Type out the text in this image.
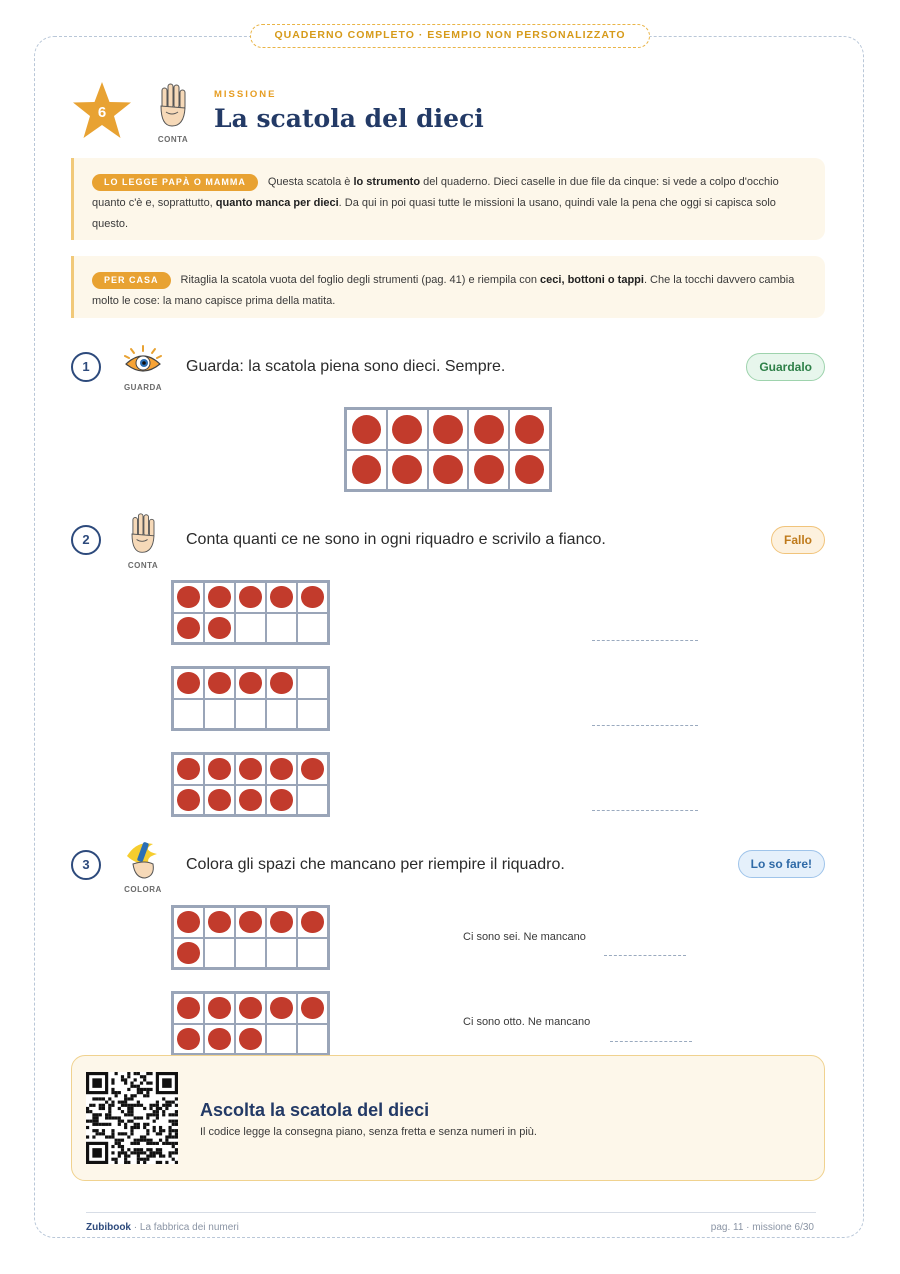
QUADERNO COMPLETO · ESEMPIO NON PERSONALIZZATO
6
CONTA
MISSIONE
La scatola del dieci
LO LEGGE PAPÀ O MAMMA Questa scatola è lo strumento del quaderno. Dieci caselle in due file da cinque: si vede a colpo d'occhio quanto c'è e, soprattutto, quanto manca per dieci. Da qui in poi quasi tutte le missioni la usano, quindi vale la pena che oggi si capisca solo questo.
PER CASA Ritaglia la scatola vuota del foglio degli strumenti (pag. 41) e riempila con ceci, bottoni o tappi. Che la tocchi davvero cambia molto le cose: la mano capisce prima della matita.
1
GUARDA
Guarda: la scatola piena sono dieci. Sempre.	Guardalo
2
CONTA
Conta quanti ce ne sono in ogni riquadro e scrivilo a fianco.	Fallo
3
COLORA
Colora gli spazi che mancano per riempire il riquadro.	Lo so fare!
Ci sono sei. Ne mancano
Ci sono otto. Ne mancano
Ascolta la scatola del dieci
Il codice legge la consegna piano, senza fretta e senza numeri in più.
Zubibook · La fabbrica dei numeri	pag. 11 · missione 6/30
